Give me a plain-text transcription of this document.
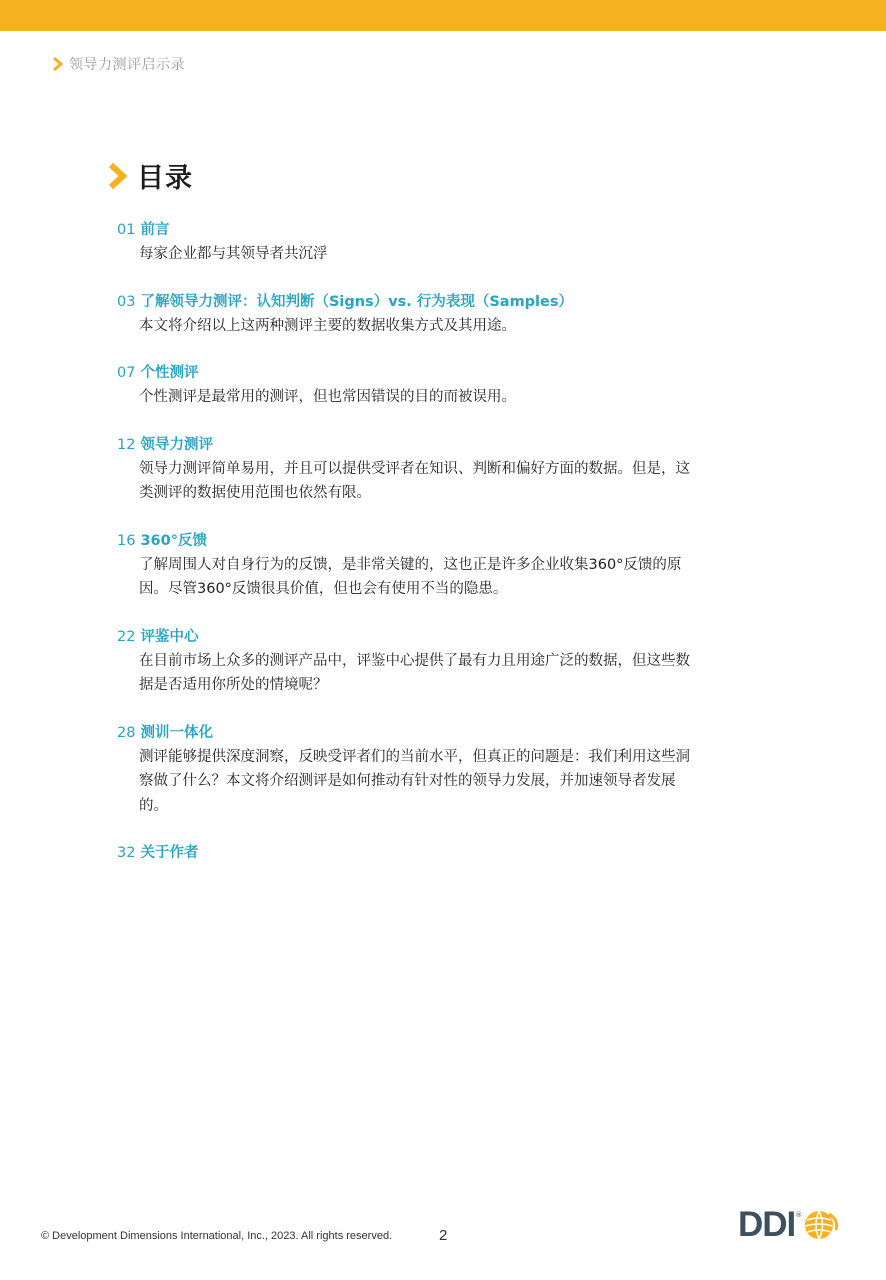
领导力测评启示录
目录
01 前言
每家企业都与其领导者共沉浮
03 了解领导力测评：认知判断（Signs）vs. 行为表现（Samples）
本文将介绍以上这两种测评主要的数据收集方式及其用途。
07 个性测评
个性测评是最常用的测评，但也常因错误的目的而被误用。
12 领导力测评
领导力测评简单易用，并且可以提供受评者在知识、判断和偏好方面的数据。但是，这类测评的数据使用范围也依然有限。
16 360°反馈
了解周围人对自身行为的反馈，是非常关键的，这也正是许多企业收集360°反馈的原因。尽管360°反馈很具价值，但也会有使用不当的隐患。
22 评鉴中心
在目前市场上众多的测评产品中，评鉴中心提供了最有力且用途广泛的数据，但这些数据是否适用你所处的情境呢？
28 测训一体化
测评能够提供深度洞察，反映受评者们的当前水平，但真正的问题是：我们利用这些洞察做了什么？本文将介绍测评是如何推动有针对性的领导力发展，并加速领导者发展的。
32 关于作者
© Development Dimensions International, Inc., 2023. All rights reserved.	2	DDI ®
